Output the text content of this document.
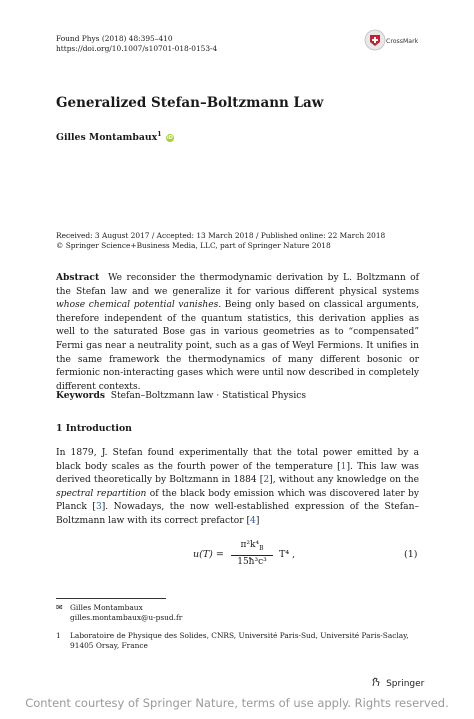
Found Phys (2018) 48:395–410
https://doi.org/10.1007/s10701-018-0153-4
CrossMark
Generalized Stefan–Boltzmann Law
Gilles Montambaux$^1$ iD
Received: 3 August 2017 / Accepted: 13 March 2018 / Published online: 22 March 2018
© Springer Science+Business Media, LLC, part of Springer Nature 2018
Abstract We reconsider the thermodynamic derivation by L. Boltzmann of the Stefan law and we generalize it for various different physical systems whose chemical potential vanishes. Being only based on classical arguments, therefore independent of the quantum statistics, this derivation applies as well to the saturated Bose gas in various geometries as to “compensated” Fermi gas near a neutrality point, such as a gas of Weyl Fermions. It unifies in the same framework the thermodynamics of many different bosonic or fermionic non-interacting gases which were until now described in completely different contexts.
Keywords Stefan–Boltzmann law · Statistical Physics
1 Introduction
In 1879, J. Stefan found experimentally that the total power emitted by a black body scales as the fourth power of the temperature [1]. This law was derived theoretically by Boltzmann in 1884 [2], without any knowledge on the spectral repartition of the black body emission which was discovered later by Planck [3]. Nowadays, the now well-established expression of the Stefan–Boltzmann law with its correct prefactor [4]
u(T) =
$\pi^2k^4_B$
15ħ³c³
T⁴ ,	(1)
✉ Gilles Montambaux
gilles.montambaux@u-psud.fr
1 Laboratoire de Physique des Solides, CNRS, Université Paris-Sud, Université Paris-Saclay,
91405 Orsay, France
Springer
Content courtesy of Springer Nature, terms of use apply. Rights reserved.
